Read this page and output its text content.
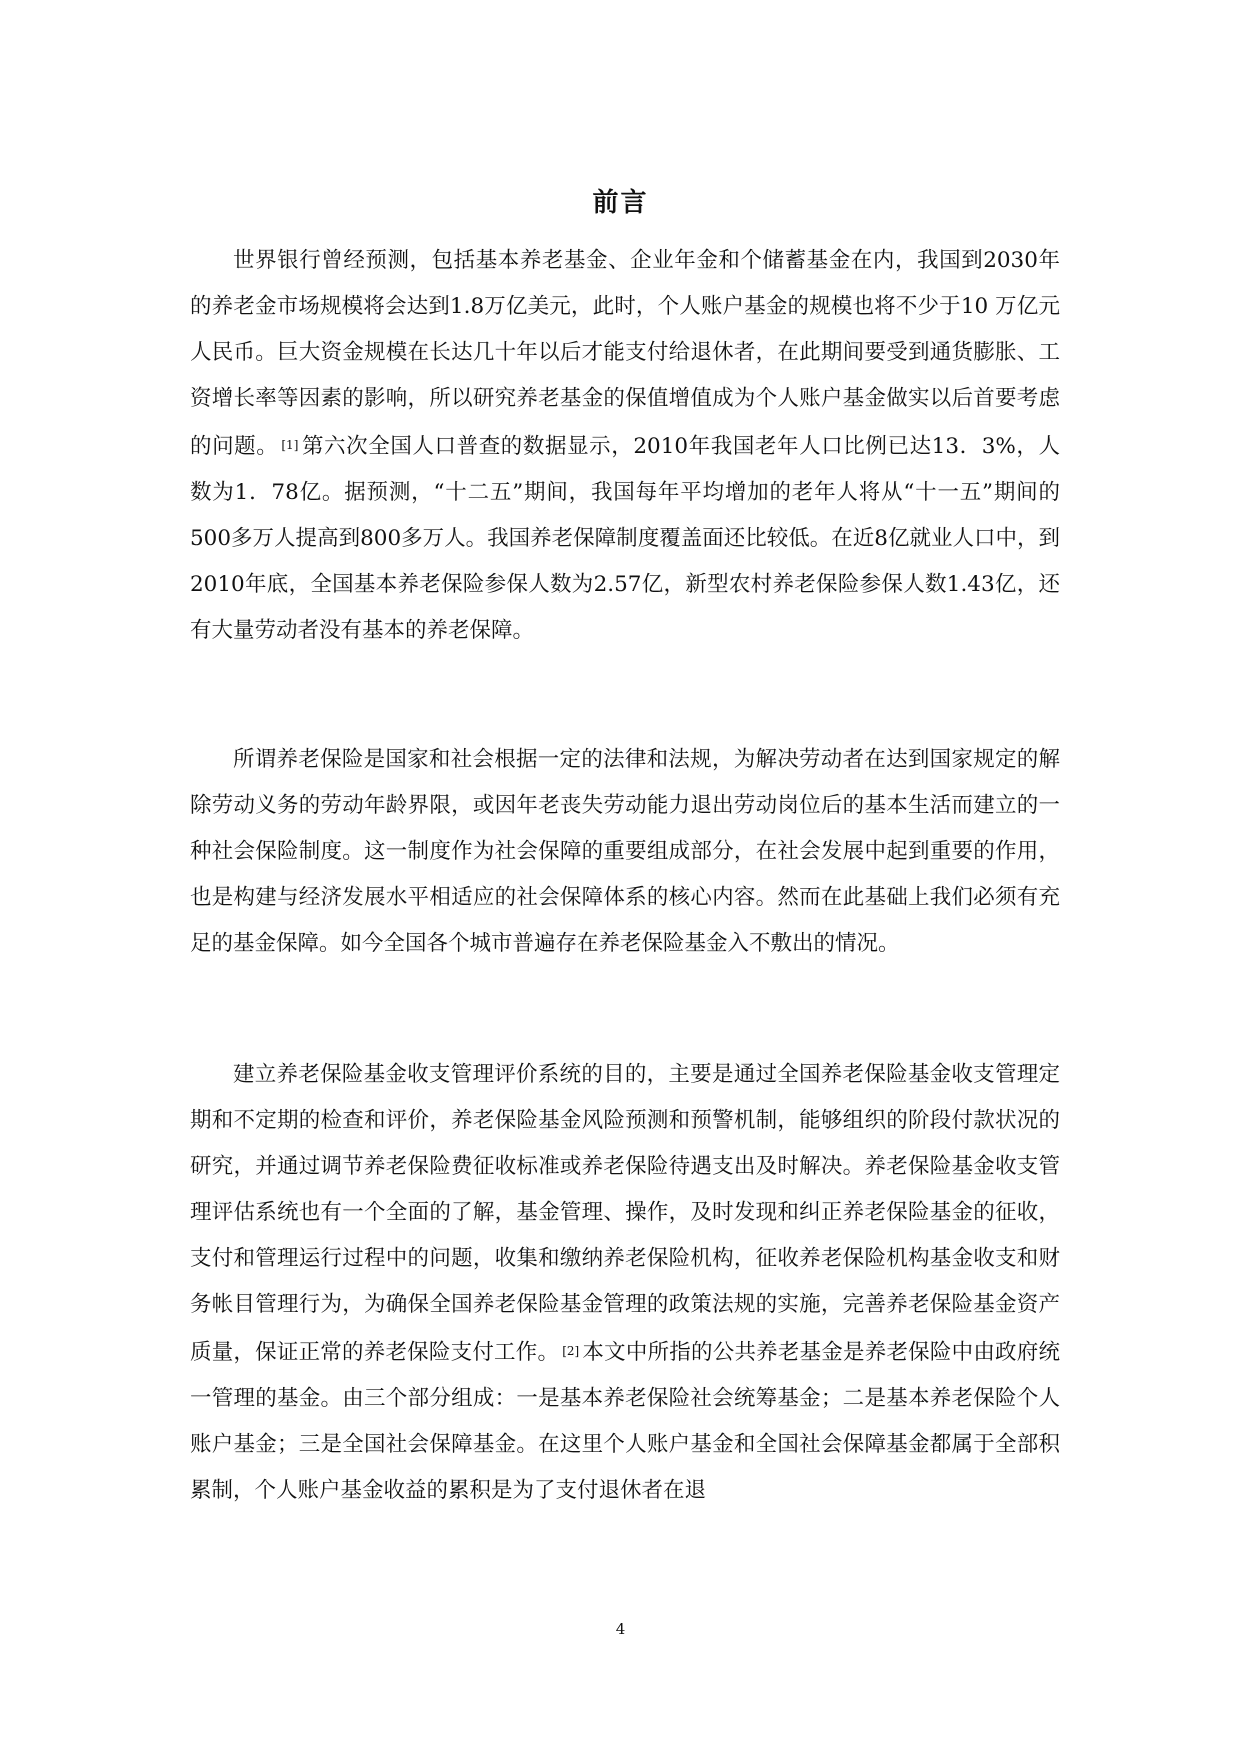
前言

世界银行曾经预测，包括基本养老基金、企业年金和个储蓄基金在内，我国到2030年的养老金市场规模将会达到1.8万亿美元，此时，个人账户基金的规模也将不少于10 万亿元人民币。巨大资金规模在长达几十年以后才能支付给退休者，在此期间要受到通货膨胀、工资增长率等因素的影响，所以研究养老基金的保值增值成为个人账户基金做实以后首要考虑的问题。 [1] 第六次全国人口普查的数据显示，2010年我国老年人口比例已达13．3%，人数为1．78亿。据预测，“十二五”期间，我国每年平均增加的老年人将从“十一五”期间的500多万人提高到800多万人。我国养老保障制度覆盖面还比较低。在近8亿就业人口中，到2010年底，全国基本养老保险参保人数为2.57亿，新型农村养老保险参保人数1.43亿，还有大量劳动者没有基本的养老保障。

所谓养老保险是国家和社会根据一定的法律和法规，为解决劳动者在达到国家规定的解除劳动义务的劳动年龄界限，或因年老丧失劳动能力退出劳动岗位后的基本生活而建立的一种社会保险制度。这一制度作为社会保障的重要组成部分，在社会发展中起到重要的作用，也是构建与经济发展水平相适应的社会保障体系的核心内容。然而在此基础上我们必须有充足的基金保障。如今全国各个城市普遍存在养老保险基金入不敷出的情况。

建立养老保险基金收支管理评价系统的目的，主要是通过全国养老保险基金收支管理定期和不定期的检查和评价，养老保险基金风险预测和预警机制，能够组织的阶段付款状况的研究，并通过调节养老保险费征收标准或养老保险待遇支出及时解决。养老保险基金收支管理评估系统也有一个全面的了解，基金管理、操作，及时发现和纠正养老保险基金的征收，支付和管理运行过程中的问题，收集和缴纳养老保险机构，征收养老保险机构基金收支和财务帐目管理行为，为确保全国养老保险基金管理的政策法规的实施，完善养老保险基金资产质量，保证正常的养老保险支付工作。 [2] 本文中所指的公共养老基金是养老保险中由政府统一管理的基金。由三个部分组成：一是基本养老保险社会统筹基金；二是基本养老保险个人账户基金；三是全国社会保障基金。在这里个人账户基金和全国社会保障基金都属于全部积累制，个人账户基金收益的累积是为了支付退休者在退

4
